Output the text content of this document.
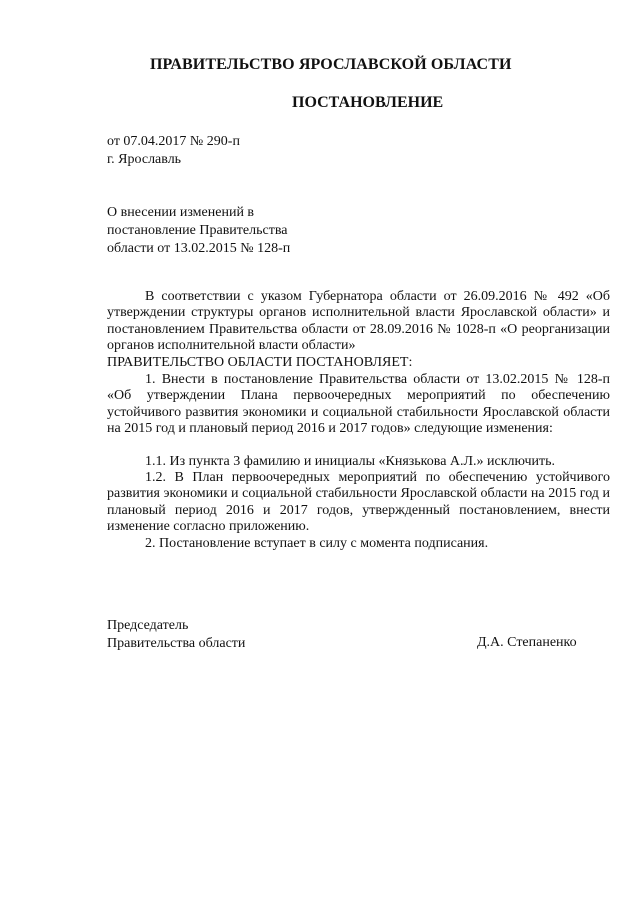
ПРАВИТЕЛЬСТВО ЯРОСЛАВСКОЙ ОБЛАСТИ
ПОСТАНОВЛЕНИЕ
от 07.04.2017 № 290-п
г. Ярославль
О внесении изменений в
постановление Правительства
области от 13.02.2015 № 128-п
В соответствии с указом Губернатора области от 26.09.2016 № 492 «Об утверждении структуры органов исполнительной власти Ярославской области» и постановлением Правительства области от 28.09.2016 № 1028-п «О реорганизации органов исполнительной власти области»
ПРАВИТЕЛЬСТВО ОБЛАСТИ ПОСТАНОВЛЯЕТ:
1. Внести в постановление Правительства области от 13.02.2015 № 128-п «Об утверждении Плана первоочередных мероприятий по обеспечению устойчивого развития экономики и социальной стабильности Ярославской области на 2015 год и плановый период 2016 и 2017 годов» следующие изменения:
1.1. Из пункта 3 фамилию и инициалы «Князькова А.Л.» исключить.
1.2. В План первоочередных мероприятий по обеспечению устойчивого развития экономики и социальной стабильности Ярославской области на 2015 год и плановый период 2016 и 2017 годов, утвержденный постановлением, внести изменение согласно приложению.
2. Постановление вступает в силу с момента подписания.
Председатель
Правительства области	Д.А. Степаненко
